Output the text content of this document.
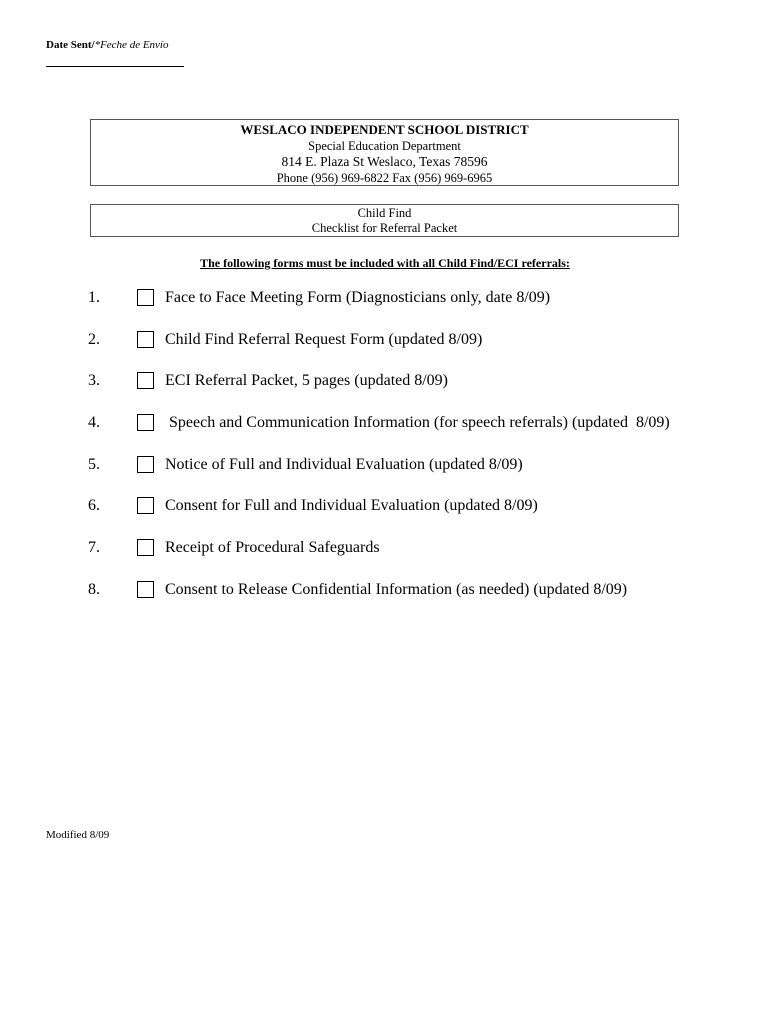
Date Sent/*Feche de Envío
WESLACO INDEPENDENT SCHOOL DISTRICT
Special Education Department
814 E. Plaza St Weslaco, Texas 78596
Phone (956) 969-6822 Fax (956) 969-6965
Child Find
Checklist for Referral Packet
The following forms must be included with all Child Find/ECI referrals:
1.	Face to Face Meeting Form (Diagnosticians only, date 8/09)
2.	Child Find Referral Request Form (updated 8/09)
3.	ECI Referral Packet, 5 pages (updated 8/09)
4.	Speech and Communication Information (for speech referrals) (updated  8/09)
5.	Notice of Full and Individual Evaluation (updated 8/09)
6.	Consent for Full and Individual Evaluation (updated 8/09)
7.	Receipt of Procedural Safeguards
8.	Consent to Release Confidential Information (as needed) (updated 8/09)
Modified 8/09
